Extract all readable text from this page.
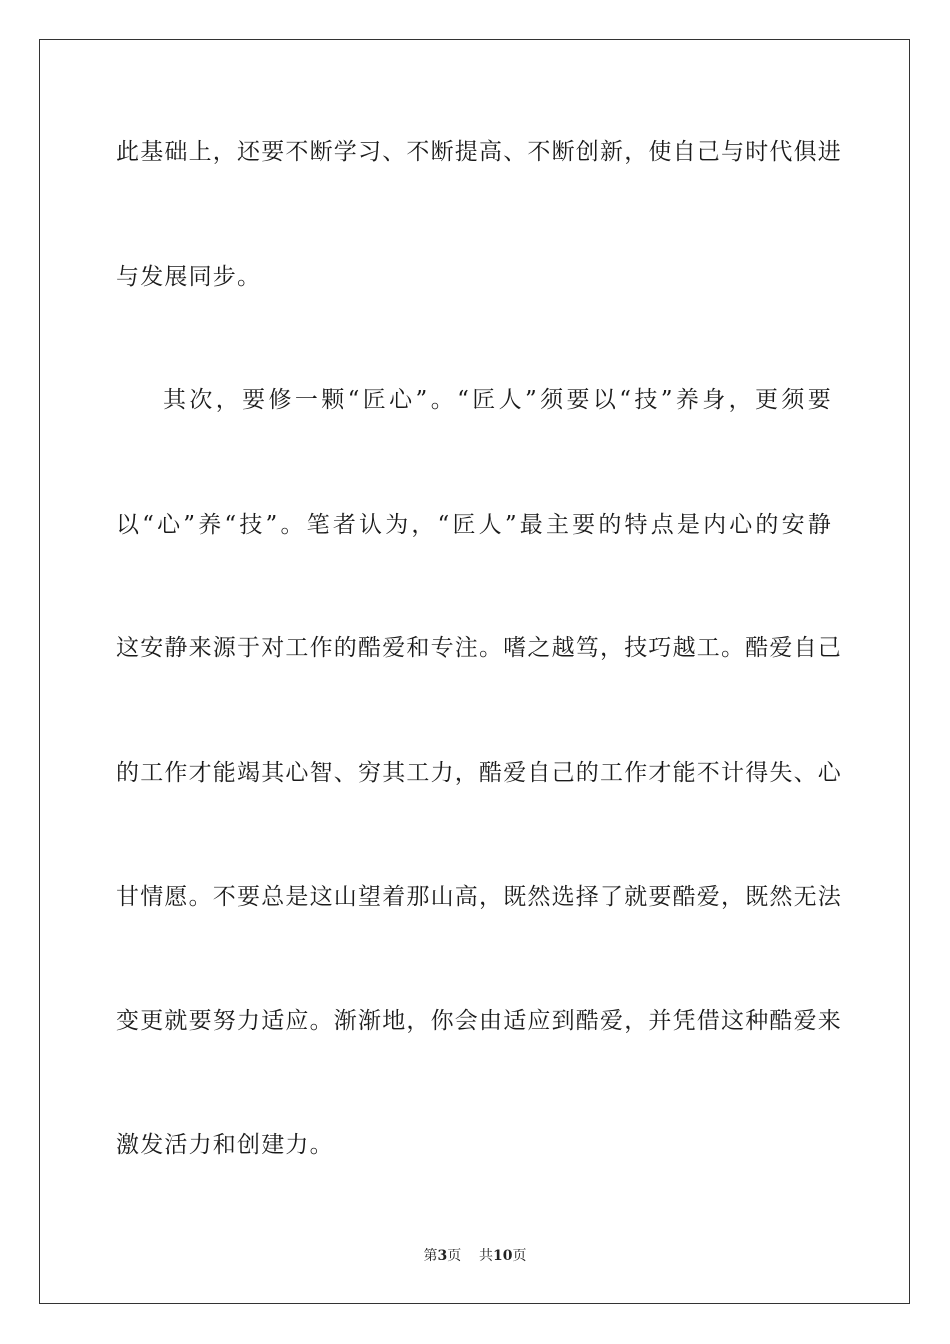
此基础上，还要不断学习、不断提高、不断创新，使自己与时代俱进
与发展同步。
其次，要修一颗“匠心”。“匠人”须要以“技”养身，更须要
以“心”养“技”。笔者认为，“匠人”最主要的特点是内心的安静
这安静来源于对工作的酷爱和专注。嗜之越笃，技巧越工。酷爱自己
的工作才能竭其心智、穷其工力，酷爱自己的工作才能不计得失、心
甘情愿。不要总是这山望着那山高，既然选择了就要酷爱，既然无法
变更就要努力适应。渐渐地，你会由适应到酷爱，并凭借这种酷爱来
激发活力和创建力。
第3页 共10页
